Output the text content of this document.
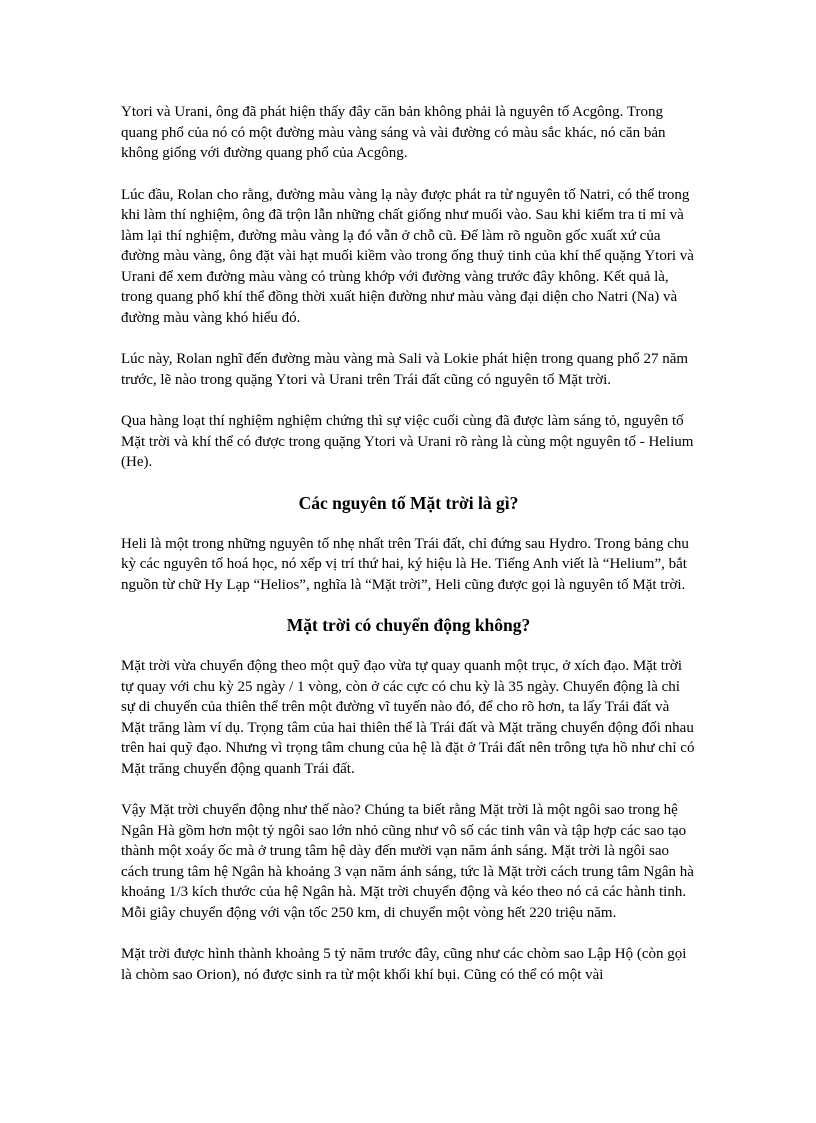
Ytori và Urani, ông đã phát hiện thấy đây căn bản không phải là nguyên tố Acgông. Trong quang phổ của nó có một đường màu vàng sáng và vài đường có màu sắc khác, nó căn bản không giống với đường quang phổ của Acgông.

Lúc đầu, Rolan cho rằng, đường màu vàng lạ này được phát ra từ nguyên tố Natri, có thể trong khi làm thí nghiệm, ông đã trộn lẫn những chất giống như muối vào. Sau khi kiểm tra tỉ mỉ và làm lại thí nghiệm, đường màu vàng lạ đó vẫn ở chỗ cũ. Để làm rõ nguồn gốc xuất xứ của đường màu vàng, ông đặt vài hạt muối kiềm vào trong ống thuỷ tinh của khí thể quặng Ytori và Urani để xem đường màu vàng có trùng khớp với đường vàng trước đây không. Kết quả là, trong quang phổ khí thể đồng thời xuất hiện đường như màu vàng đại diện cho Natri (Na) và đường màu vàng khó hiểu đó.

Lúc này, Rolan nghĩ đến đường màu vàng mà Sali và Lokie phát hiện trong quang phổ 27 năm trước, lẽ nào trong quặng Ytori và Urani trên Trái đất cũng có nguyên tố Mặt trời.

Qua hàng loạt thí nghiệm nghiệm chứng thì sự việc cuối cùng đã được làm sáng tỏ, nguyên tố Mặt trời và khí thể có được trong quặng Ytori và Urani rõ ràng là cùng một nguyên tố - Helium (He).

Các nguyên tố Mặt trời là gì?

Heli là một trong những nguyên tố nhẹ nhất trên Trái đất, chỉ đứng sau Hydro. Trong bảng chu kỳ các nguyên tố hoá học, nó xếp vị trí thứ hai, ký hiệu là He. Tiếng Anh viết là “Helium”, bắt nguồn từ chữ Hy Lạp “Helios”, nghĩa là “Mặt trời”, Heli cũng được gọi là nguyên tố Mặt trời.

Mặt trời có chuyển động không?

Mặt trời vừa chuyển động theo một quỹ đạo vừa tự quay quanh một trục, ở xích đạo. Mặt trời tự quay với chu kỳ 25 ngày / 1 vòng, còn ở các cực có chu kỳ là 35 ngày. Chuyển động là chỉ sự di chuyển của thiên thể trên một đường vĩ tuyến nào đó, để cho rõ hơn, ta lấy Trái đất và Mặt trăng làm ví dụ. Trọng tâm của hai thiên thể là Trái đất và Mặt trăng chuyển động đối nhau trên hai quỹ đạo. Nhưng vì trọng tâm chung của hệ là đặt ở Trái đất nên trông tựa hồ như chỉ có Mặt trăng chuyển động quanh Trái đất.

Vậy Mặt trời chuyển động như thế nào? Chúng ta biết rằng Mặt trời là một ngôi sao trong hệ Ngân Hà gồm hơn một tỷ ngôi sao lớn nhỏ cũng như vô số các tinh vân và tập hợp các sao tạo thành một xoáy ốc mà ở trung tâm hệ dày đến mười vạn năm ánh sáng. Mặt trời là ngôi sao cách trung tâm hệ Ngân hà khoảng 3 vạn năm ánh sáng, tức là Mặt trời cách trung tâm Ngân hà khoảng 1/3 kích thước của hệ Ngân hà. Mặt trời chuyển động và kéo theo nó cả các hành tinh. Mỗi giây chuyển động với vận tốc 250 km, di chuyển một vòng hết 220 triệu năm.

Mặt trời được hình thành khoảng 5 tỷ năm trước đây, cũng như các chòm sao Lập Hộ (còn gọi là chòm sao Orion), nó được sinh ra từ một khối khí bụi. Cũng có thể có một vài
